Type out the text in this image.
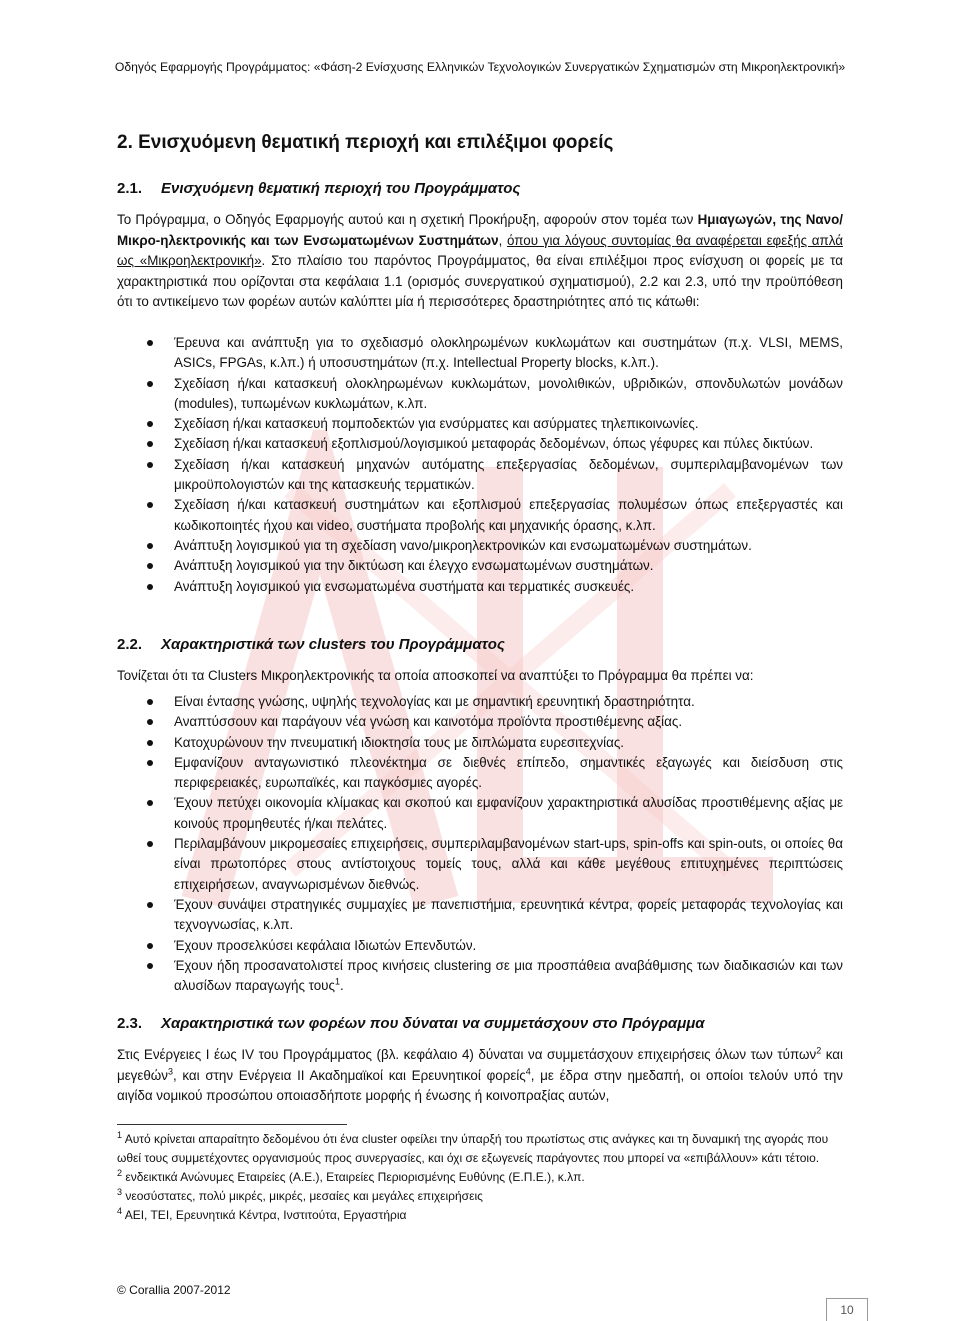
Οδηγός Εφαρμογής Προγράμματος: «Φάση-2 Ενίσχυσης Ελληνικών Τεχνολογικών Συνεργατικών Σχηματισμών στη Μικροηλεκτρονική»
2. Ενισχυόμενη θεματική περιοχή και επιλέξιμοι φορείς
2.1. Ενισχυόμενη θεματική περιοχή του Προγράμματος

Το Πρόγραμμα, ο Οδηγός Εφαρμογής αυτού και η σχετική Προκήρυξη, αφορούν στον τομέα των Ημιαγωγών, της Νανο/Μικρο-ηλεκτρονικής και των Ενσωματωμένων Συστημάτων, όπου για λόγους συντομίας θα αναφέρεται εφεξής απλά ως «Μικροηλεκτρονική». Στο πλαίσιο του παρόντος Προγράμματος, θα είναι επιλέξιμοι προς ενίσχυση οι φορείς με τα χαρακτηριστικά που ορίζονται στα κεφάλαια 1.1 (ορισμός συνεργατικού σχηματισμού), 2.2 και 2.3, υπό την προϋπόθεση ότι το αντικείμενο των φορέων αυτών καλύπτει μία ή περισσότερες δραστηριότητες από τις κάτωθι:

Έρευνα και ανάπτυξη για το σχεδιασμό ολοκληρωμένων κυκλωμάτων και συστημάτων (π.χ. VLSI, MEMS, ASICs, FPGAs, κ.λπ.) ή υποσυστημάτων (π.χ. Intellectual Property blocks, κ.λπ.).
Σχεδίαση ή/και κατασκευή ολοκληρωμένων κυκλωμάτων, μονολιθικών, υβριδικών, σπονδυλωτών μονάδων (modules), τυπωμένων κυκλωμάτων, κ.λπ.
Σχεδίαση ή/και κατασκευή πομποδεκτών για ενσύρματες και ασύρματες τηλεπικοινωνίες.
Σχεδίαση ή/και κατασκευή εξοπλισμού/λογισμικού μεταφοράς δεδομένων, όπως γέφυρες και πύλες δικτύων.
Σχεδίαση ή/και κατασκευή μηχανών αυτόματης επεξεργασίας δεδομένων, συμπεριλαμβανομένων των μικροϋπολογιστών και της κατασκευής τερματικών.
Σχεδίαση ή/και κατασκευή συστημάτων και εξοπλισμού επεξεργασίας πολυμέσων όπως επεξεργαστές και κωδικοποιητές ήχου και video, συστήματα προβολής και μηχανικής όρασης, κ.λπ.
Ανάπτυξη λογισμικού για τη σχεδίαση νανο/μικροηλεκτρονικών και ενσωματωμένων συστημάτων.
Ανάπτυξη λογισμικού για την δικτύωση και έλεγχο ενσωματωμένων συστημάτων.
Ανάπτυξη λογισμικού για ενσωματωμένα συστήματα και τερματικές συσκευές.
2.2. Χαρακτηριστικά των clusters του Προγράμματος

Τονίζεται ότι τα Clusters Μικροηλεκτρονικής τα οποία αποσκοπεί να αναπτύξει το Πρόγραμμα θα πρέπει να:

Είναι έντασης γνώσης, υψηλής τεχνολογίας και με σημαντική ερευνητική δραστηριότητα.
Αναπτύσσουν και παράγουν νέα γνώση και καινοτόμα προϊόντα προστιθέμενης αξίας.
Κατοχυρώνουν την πνευματική ιδιοκτησία τους με διπλώματα ευρεσιτεχνίας.
Εμφανίζουν ανταγωνιστικό πλεονέκτημα σε διεθνές επίπεδο, σημαντικές εξαγωγές και διείσδυση στις περιφερειακές, ευρωπαϊκές, και παγκόσμιες αγορές.
Έχουν πετύχει οικονομία κλίμακας και σκοπού και εμφανίζουν χαρακτηριστικά αλυσίδας προστιθέμενης αξίας με κοινούς προμηθευτές ή/και πελάτες.
Περιλαμβάνουν μικρομεσαίες επιχειρήσεις, συμπεριλαμβανομένων start-ups, spin-offs και spin-outs, οι οποίες θα είναι πρωτοπόρες στους αντίστοιχους τομείς τους, αλλά και κάθε μεγέθους επιτυχημένες περιπτώσεις επιχειρήσεων, αναγνωρισμένων διεθνώς.
Έχουν συνάψει στρατηγικές συμμαχίες με πανεπιστήμια, ερευνητικά κέντρα, φορείς μεταφοράς τεχνολογίας και τεχνογνωσίας, κ.λπ.
Έχουν προσελκύσει κεφάλαια Ιδιωτών Επενδυτών.
Έχουν ήδη προσανατολιστεί προς κινήσεις clustering σε μια προσπάθεια αναβάθμισης των διαδικασιών και των αλυσίδων παραγωγής τους$^1$.
2.3. Χαρακτηριστικά των φορέων που δύναται να συμμετάσχουν στο Πρόγραμμα

Στις Ενέργειες Ι έως ΙV του Προγράμματος (βλ. κεφάλαιο 4) δύναται να συμμετάσχουν επιχειρήσεις όλων των τύπων$^2$ και μεγεθών$^3$, και στην Ενέργεια ΙΙ Ακαδημαϊκοί και Ερευνητικοί φορείς$^4$, με έδρα στην ημεδαπή, οι οποίοι τελούν υπό την αιγίδα νομικού προσώπου οποιασδήποτε μορφής ή ένωσης ή κοινοπραξίας αυτών,

$^1$ Αυτό κρίνεται απαραίτητο δεδομένου ότι ένα cluster οφείλει την ύπαρξή του πρωτίστως στις ανάγκες και τη δυναμική της αγοράς που ωθεί τους συμμετέχοντες οργανισμούς προς συνεργασίες, και όχι σε εξωγενείς παράγοντες που μπορεί να «επιβάλλουν» κάτι τέτοιο.

$^2$ ενδεικτικά Ανώνυμες Εταιρείες (Α.Ε.), Εταιρείες Περιορισμένης Ευθύνης (Ε.Π.Ε.), κ.λπ.

$^3$ νεοσύστατες, πολύ μικρές, μικρές, μεσαίες και μεγάλες επιχειρήσεις

$^4$ ΑΕΙ, ΤΕΙ, Ερευνητικά Κέντρα, Ινστιτούτα, Εργαστήρια

© Corallia 2007-2012
10
